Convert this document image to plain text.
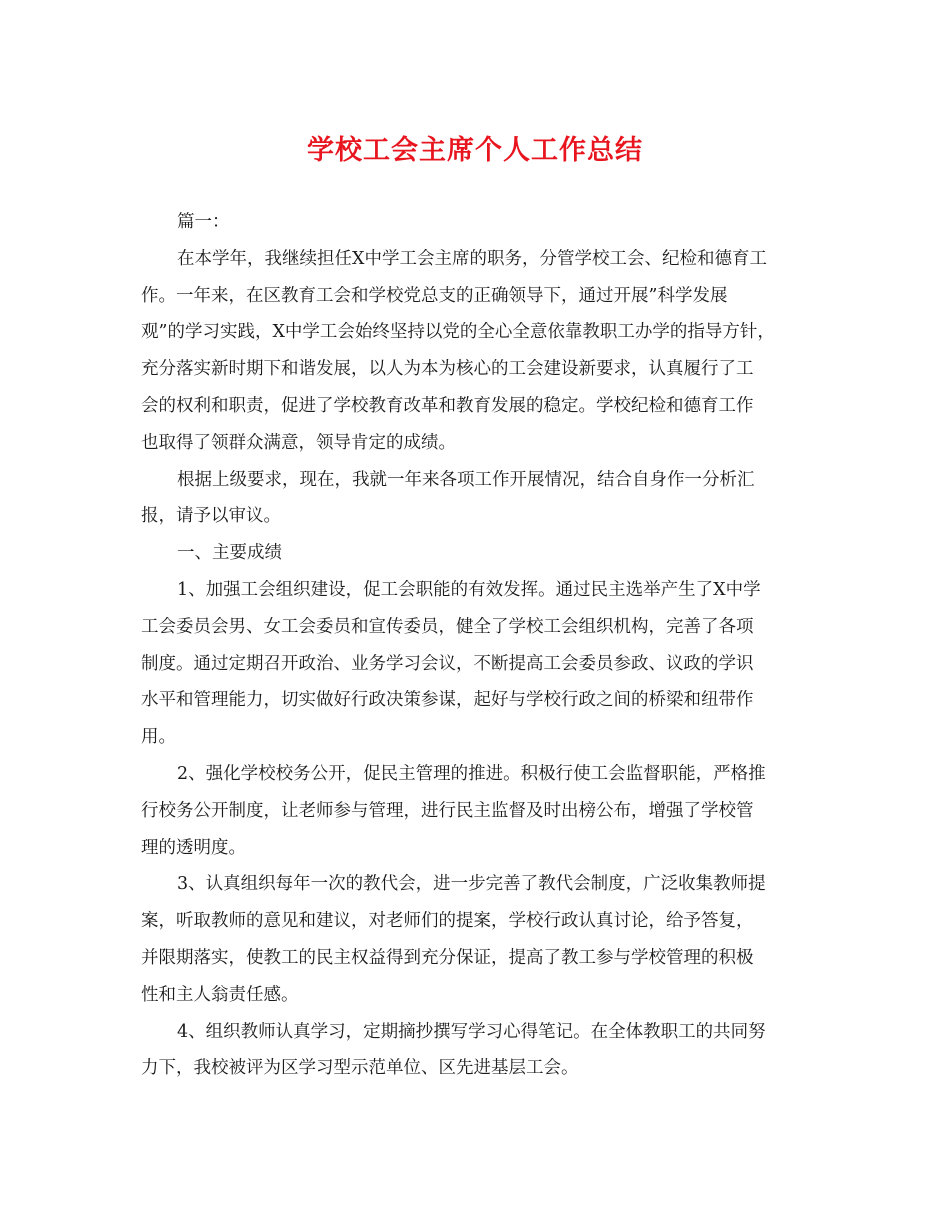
学校工会主席个人工作总结
篇一：
在本学年，我继续担任X中学工会主席的职务，分管学校工会、纪检和德育工
作。一年来，在区教育工会和学校党总支的正确领导下，通过开展”科学发展
观”的学习实践，X中学工会始终坚持以党的全心全意依靠教职工办学的指导方针，
充分落实新时期下和谐发展，以人为本为核心的工会建设新要求，认真履行了工
会的权利和职责，促进了学校教育改革和教育发展的稳定。学校纪检和德育工作
也取得了领群众满意，领导肯定的成绩。
根据上级要求，现在，我就一年来各项工作开展情况，结合自身作一分析汇
报，请予以审议。
一、主要成绩
1、加强工会组织建设，促工会职能的有效发挥。通过民主选举产生了X中学
工会委员会男、女工会委员和宣传委员，健全了学校工会组织机构，完善了各项
制度。通过定期召开政治、业务学习会议，不断提高工会委员参政、议政的学识
水平和管理能力，切实做好行政决策参谋，起好与学校行政之间的桥梁和纽带作
用。
2、强化学校校务公开，促民主管理的推进。积极行使工会监督职能，严格推
行校务公开制度，让老师参与管理，进行民主监督及时出榜公布，增强了学校管
理的透明度。
3、认真组织每年一次的教代会，进一步完善了教代会制度，广泛收集教师提
案，听取教师的意见和建议，对老师们的提案，学校行政认真讨论，给予答复，
并限期落实，使教工的民主权益得到充分保证，提高了教工参与学校管理的积极
性和主人翁责任感。
4、组织教师认真学习，定期摘抄撰写学习心得笔记。在全体教职工的共同努
力下，我校被评为区学习型示范单位、区先进基层工会。
